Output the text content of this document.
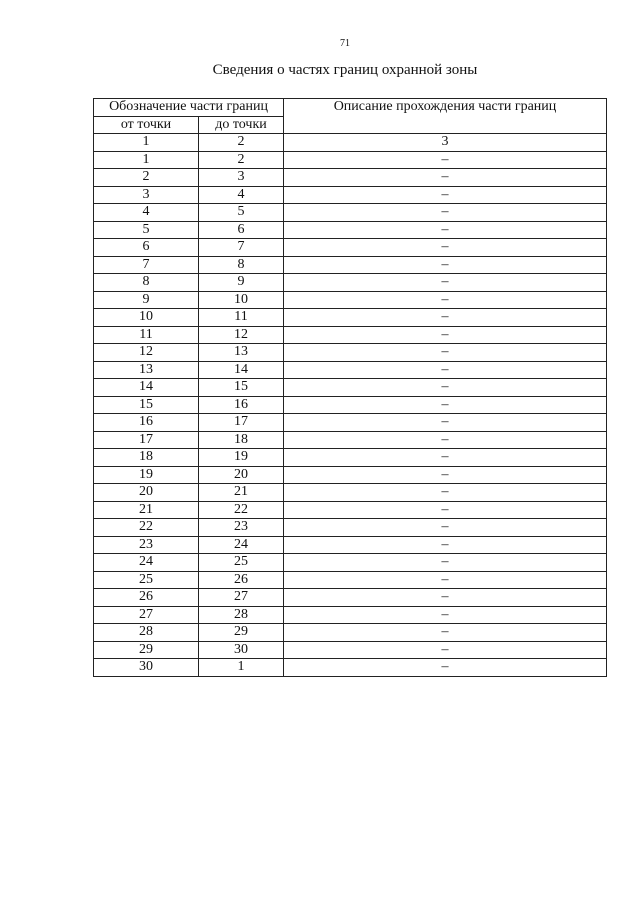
71
Сведения о частях границ охранной зоны
Обозначение части границ		Описание прохождения части границ
от точки	до точки	
1	2	3
1	2	–
2	3	–
3	4	–
4	5	–
5	6	–
6	7	–
7	8	–
8	9	–
9	10	–
10	11	–
11	12	–
12	13	–
13	14	–
14	15	–
15	16	–
16	17	–
17	18	–
18	19	–
19	20	–
20	21	–
21	22	–
22	23	–
23	24	–
24	25	–
25	26	–
26	27	–
27	28	–
28	29	–
29	30	–
30	1	–
